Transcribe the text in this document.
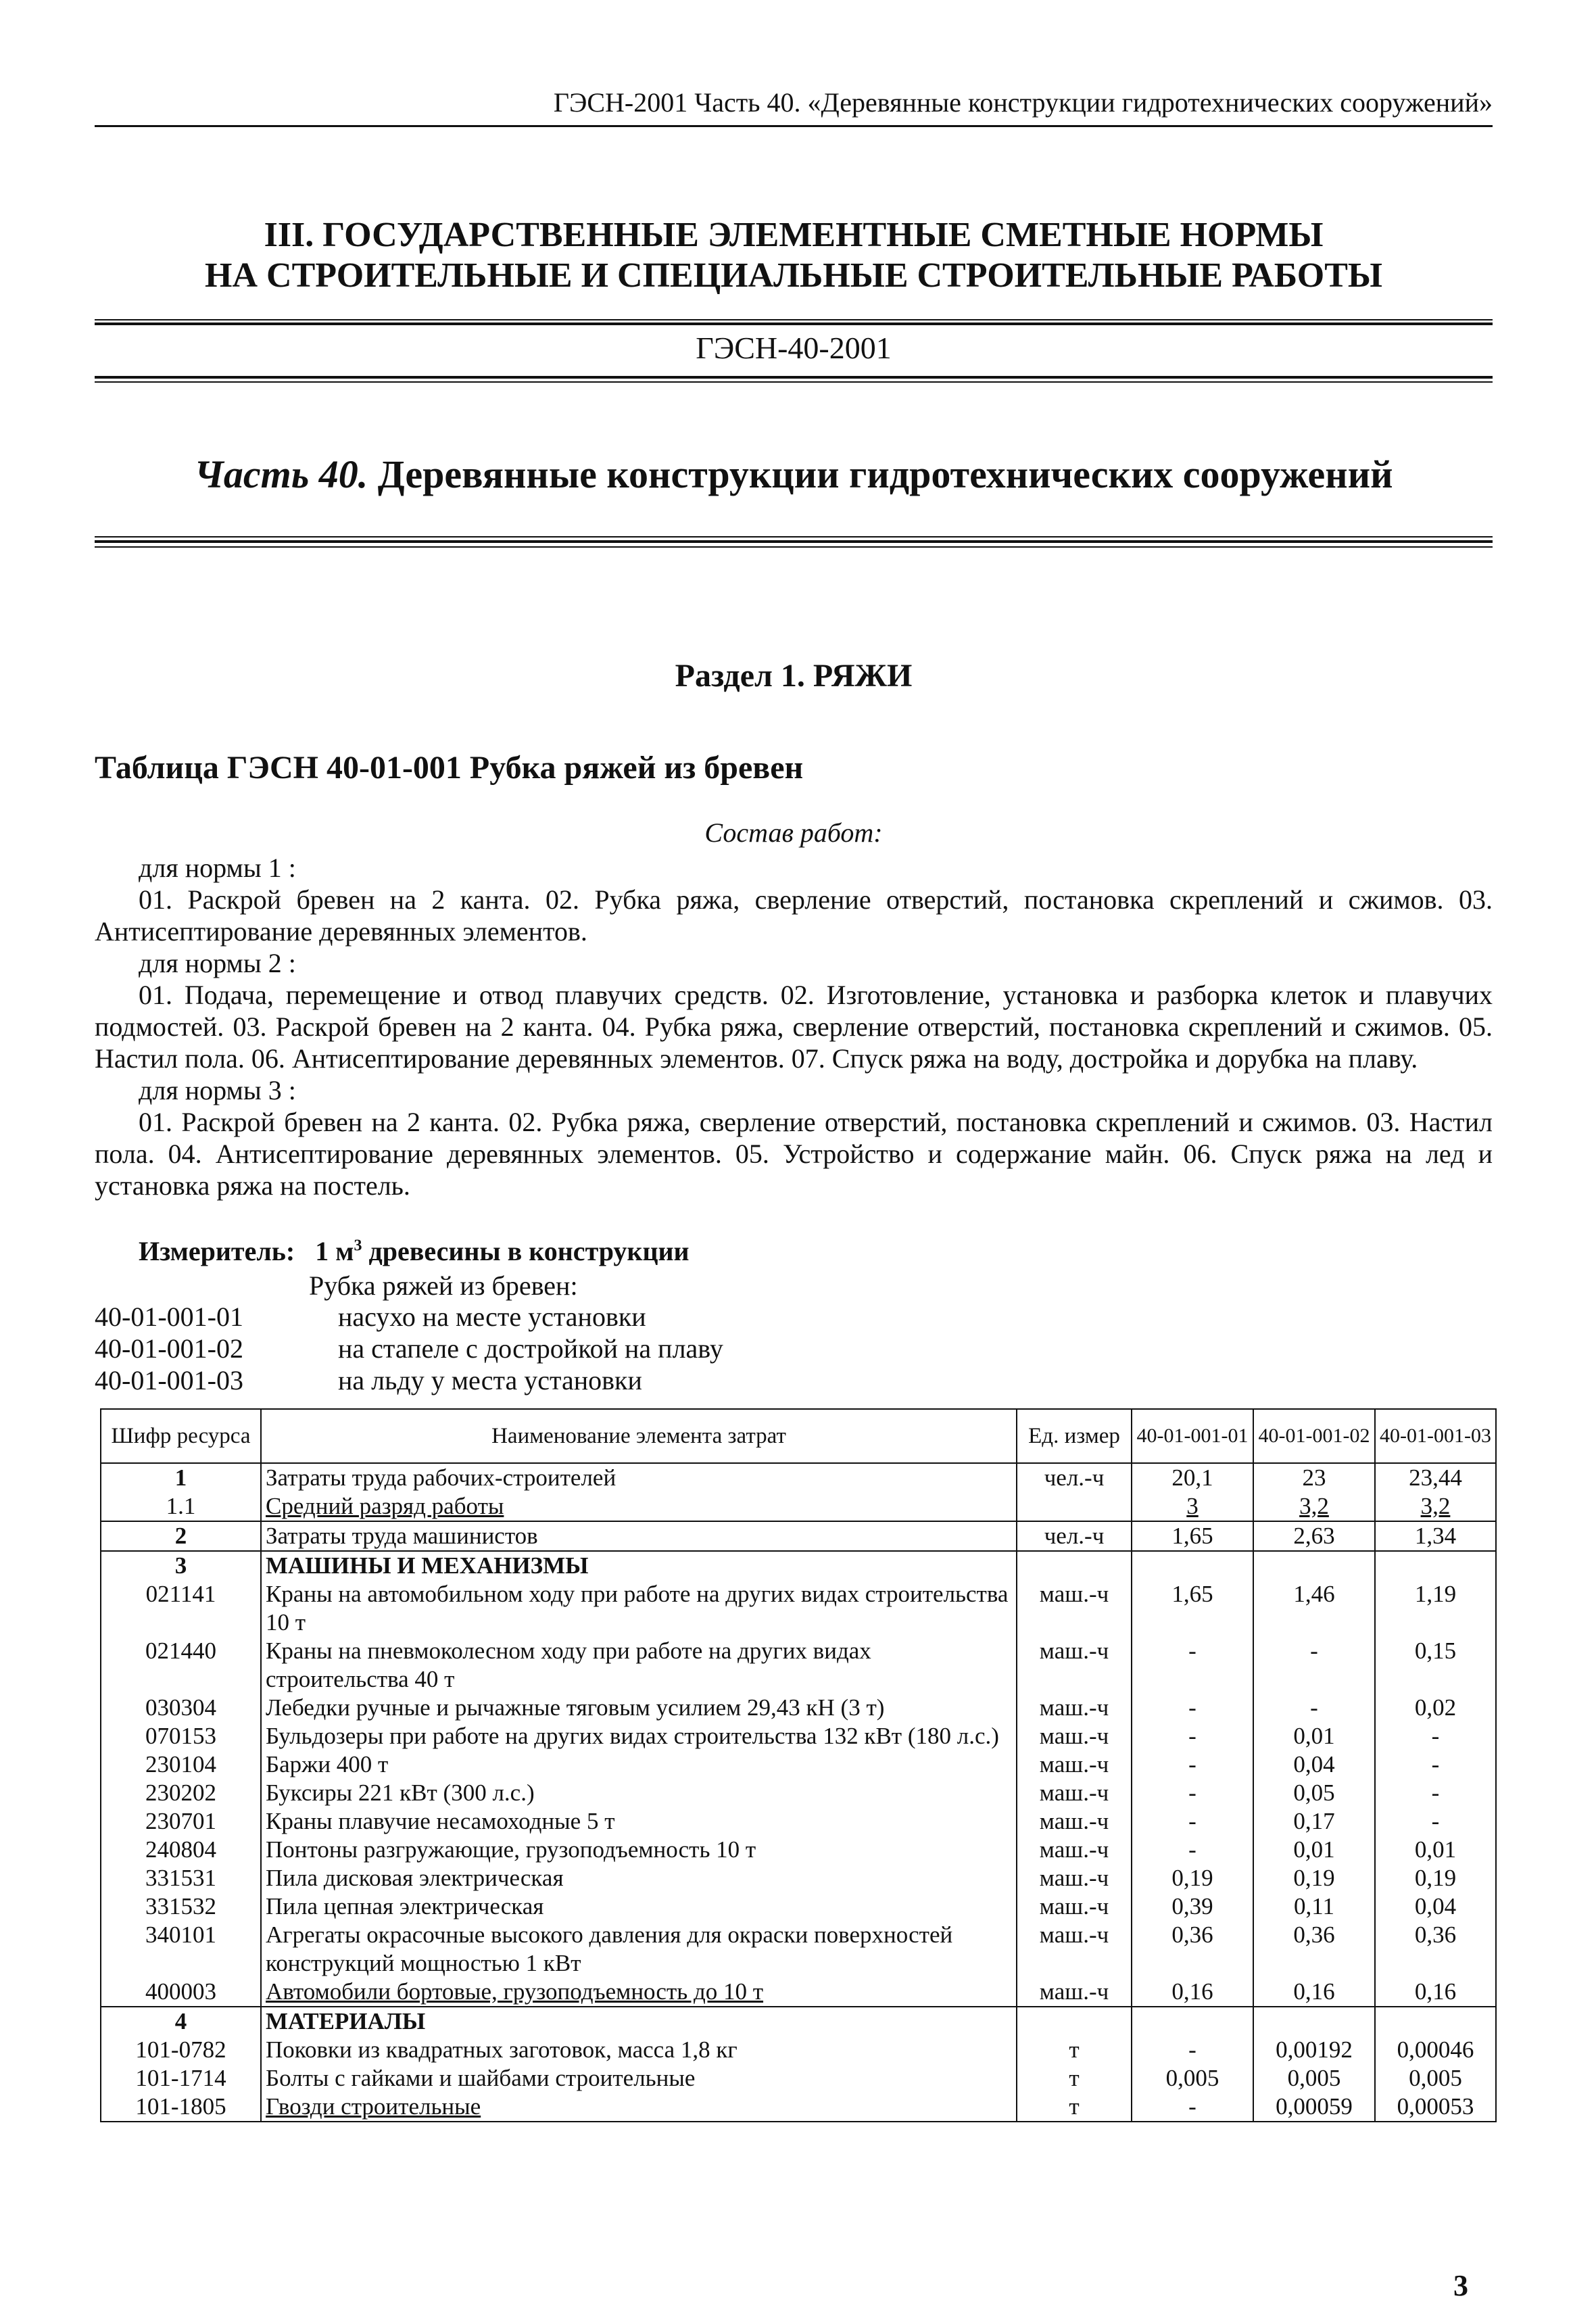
ГЭСН-2001 Часть 40. «Деревянные конструкции гидротехнических сооружений»
III. ГОСУДАРСТВЕННЫЕ ЭЛЕМЕНТНЫЕ СМЕТНЫЕ НОРМЫ
НА СТРОИТЕЛЬНЫЕ И СПЕЦИАЛЬНЫЕ СТРОИТЕЛЬНЫЕ РАБОТЫ
ГЭСН-40-2001
Часть 40. Деревянные конструкции гидротехнических сооружений
Раздел 1. РЯЖИ
Таблица ГЭСН 40-01-001 Рубка ряжей из бревен
Состав работ:
для нормы 1 :
01. Раскрой бревен на 2 канта. 02. Рубка ряжа, сверление отверстий, постановка скреплений и сжимов. 03. Антисептирование деревянных элементов.
для нормы 2 :
01. Подача, перемещение и отвод плавучих средств. 02. Изготовление, установка и разборка клеток и плавучих подмостей. 03. Раскрой бревен на 2 канта. 04. Рубка ряжа, сверление отверстий, постановка скреплений и сжимов. 05. Настил пола. 06. Антисептирование деревянных элементов. 07. Спуск ряжа на воду, достройка и дорубка на плаву.
для нормы 3 :
01. Раскрой бревен на 2 канта. 02. Рубка ряжа, сверление отверстий, постановка скреплений и сжимов. 03. Настил пола. 04. Антисептирование деревянных элементов. 05. Устройство и содержание майн. 06. Спуск ряжа на лед и установка ряжа на постель.
Измеритель: 1 $м^3$ древесины в конструкции
Рубка ряжей из бревен:
40-01-001-01	насухо на месте установки
40-01-001-02	на стапеле с достройкой на плаву
40-01-001-03	на льду у места установки
Шифр ресурса	Наименование элемента затрат	Ед. измер	40-01-001-01	40-01-001-02	40-01-001-03
1	Затраты труда рабочих-строителей	чел.-ч	20,1	23	23,44
1.1	Средний разряд работы		3	3,2	3,2
2	Затраты труда машинистов	чел.-ч	1,65	2,63	1,34
3	МАШИНЫ И МЕХАНИЗМЫ				
021141	Краны на автомобильном ходу при работе на других видах строительства 10 т	маш.-ч	1,65	1,46	1,19
021440	Краны на пневмоколесном ходу при работе на других видах строительства 40 т	маш.-ч	-	-	0,15
030304	Лебедки ручные и рычажные тяговым усилием 29,43 кН (3 т)	маш.-ч	-	-	0,02
070153	Бульдозеры при работе на других видах строительства 132 кВт (180 л.с.)	маш.-ч	-	0,01	-
230104	Баржи 400 т	маш.-ч	-	0,04	-
230202	Буксиры 221 кВт (300 л.с.)	маш.-ч	-	0,05	-
230701	Краны плавучие несамоходные 5 т	маш.-ч	-	0,17	-
240804	Понтоны разгружающие, грузоподъемность 10 т	маш.-ч	-	0,01	0,01
331531	Пила дисковая электрическая	маш.-ч	0,19	0,19	0,19
331532	Пила цепная электрическая	маш.-ч	0,39	0,11	0,04
340101	Агрегаты окрасочные высокого давления для окраски поверхностей конструкций мощностью 1 кВт	маш.-ч	0,36	0,36	0,36
400003	Автомобили бортовые, грузоподъемность до 10 т	маш.-ч	0,16	0,16	0,16
4	МАТЕРИАЛЫ				
101-0782	Поковки из квадратных заготовок, масса 1,8 кг	т	-	0,00192	0,00046
101-1714	Болты с гайками и шайбами строительные	т	0,005	0,005	0,005
101-1805	Гвозди строительные	т	-	0,00059	0,00053
3
